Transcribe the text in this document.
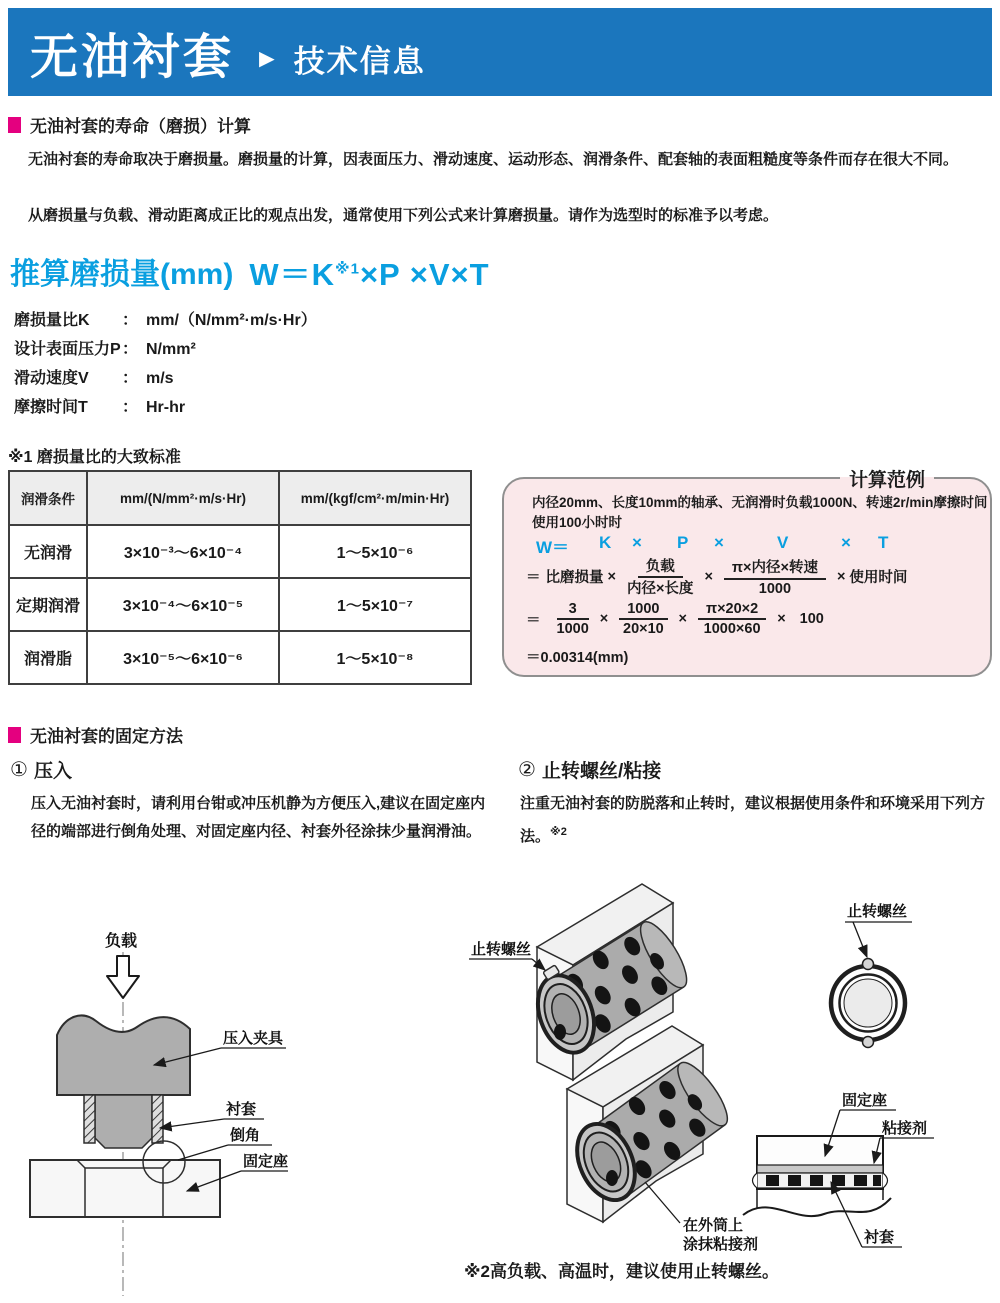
无油衬套 ► 技术信息
无油衬套的寿命（磨损）计算
无油衬套的寿命取决于磨损量。磨损量的计算，因表面压力、滑动速度、运动形态、润滑条件、配套轴的表面粗糙度等条件而存在很大不同。
从磨损量与负载、滑动距离成正比的观点出发，通常使用下列公式来计算磨损量。请作为选型时的标准予以考虑。
推算磨损量(mm) $W=K^{※1}\times P \times V\times T$
磨损量比K	： mm/（N/mm²·m/s·Hr）
设计表面压力P ： N/mm²
滑动速度V	： m/s
摩擦时间T	： Hr-hr
※1 磨损量比的大致标准
润滑条件	mm/(N/mm²·m/s·Hr)	mm/(kgf/cm²·m/min·Hr)
无润滑	3×10⁻³～6×10⁻⁴	1～5×10⁻⁶
定期润滑	3×10⁻⁴～6×10⁻⁵	1～5×10⁻⁷
润滑脂	3×10⁻⁵～6×10⁻⁶	1～5×10⁻⁸
计算范例
内径20mm、长度10mm的轴承、无润滑时负载1000N、转速2r/min摩擦时间
使用100小时时
W＝ K × P ×	V	× T
＝ 比磨损量 × $\frac{\text{负载}}{\text{内径×长度}} \times \frac{\text{π×内径×转速}}{1000}$ × 使用时间
＝ $\frac{3}{1000} \times \frac{1000}{20\times 10} \times \frac{\pi\times 20\times 2}{1000\times 60} \times 100$
＝0.00314(mm)
无油衬套的固定方法
① 压入
压入无油衬套时，请利用台钳或冲压机静为方便压入,建议在固定座内径的端部进行倒角处理、对固定座内径、衬套外径涂抹少量润滑油。
② 止转螺丝/粘接
注重无油衬套的防脱落和止转时，建议根据使用条件和环境采用下列方法。$^{※2}$
负载
压入夹具
衬套
倒角
固定座
止转螺丝
止转螺丝
在外筒上
涂抹粘接剂
固定座
粘接剂
衬套
※2高负载、高温时，建议使用止转螺丝。
